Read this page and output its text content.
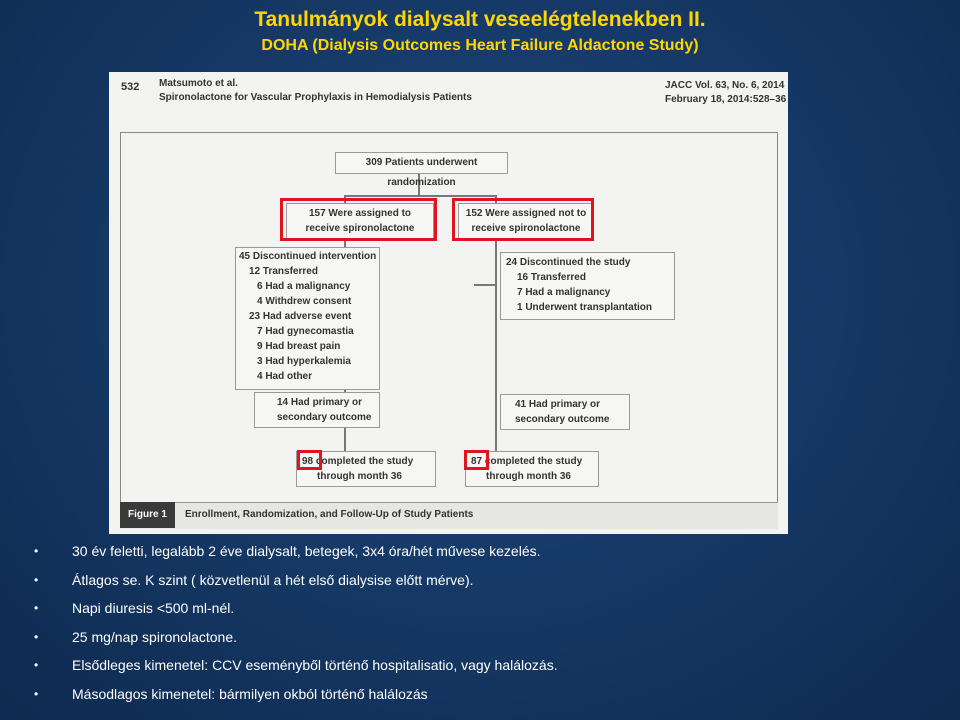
Tanulmányok dialysalt veseelégtelenekben II.
DOHA (Dialysis Outcomes Heart Failure Aldactone Study)
532 Matsumoto et al.
Spironolactone for Vascular Prophylaxis in Hemodialysis Patients
JACC Vol. 63, No. 6, 2014
February 18, 2014:528–36
309 Patients underwent randomization
157 Were assigned to
receive spironolactone
152 Were assigned not to
receive spironolactone
45 Discontinued intervention
12 Transferred
6 Had a malignancy
4 Withdrew consent
23 Had adverse event
7 Had gynecomastia
9 Had breast pain
3 Had hyperkalemia
4 Had other
24 Discontinued the study
16 Transferred
7 Had a malignancy
1 Underwent transplantation
14 Had primary or
secondary outcome
41 Had primary or
secondary outcome
98 completed the study
through month 36
87 completed the study
through month 36
Figure 1	Enrollment, Randomization, and Follow-Up of Study Patients
• 30 év feletti, legalább 2 éve dialysalt, betegek, 3x4 óra/hét művese kezelés.
• Átlagos se. K szint ( közvetlenül a hét első dialysise előtt mérve).
• Napi diuresis <500 ml-nél.
• 25 mg/nap spironolactone.
• Elsődleges kimenetel: CCV eseményből történő hospitalisatio, vagy halálozás.
• Másodlagos kimenetel: bármilyen okból történő halálozás
